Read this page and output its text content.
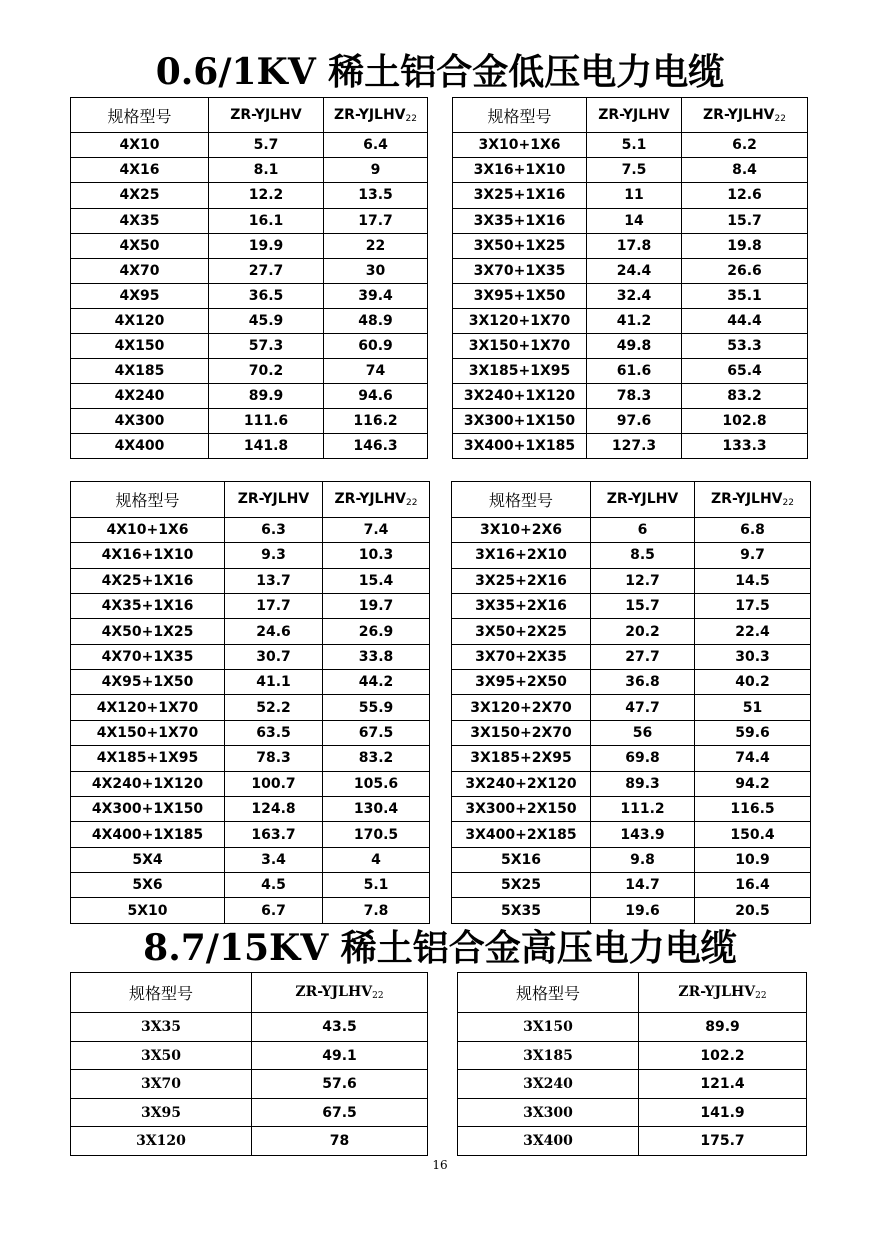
0.6/1KV 稀土铝合金低压电力电缆
规格型号	ZR-YJLHV	$ZR-YJLHV_{22}$
4X10	5.7	6.4
4X16	8.1	9
4X25	12.2	13.5
4X35	16.1	17.7
4X50	19.9	22
4X70	27.7	30
4X95	36.5	39.4
4X120	45.9	48.9
4X150	57.3	60.9
4X185	70.2	74
4X240	89.9	94.6
4X300	111.6	116.2
4X400	141.8	146.3
规格型号	ZR-YJLHV	$ZR-YJLHV_{22}$
3X10+1X6	5.1	6.2
3X16+1X10	7.5	8.4
3X25+1X16	11	12.6
3X35+1X16	14	15.7
3X50+1X25	17.8	19.8
3X70+1X35	24.4	26.6
3X95+1X50	32.4	35.1
3X120+1X70	41.2	44.4
3X150+1X70	49.8	53.3
3X185+1X95	61.6	65.4
3X240+1X120	78.3	83.2
3X300+1X150	97.6	102.8
3X400+1X185	127.3	133.3
规格型号	ZR-YJLHV	$ZR-YJLHV_{22}$
4X10+1X6	6.3	7.4
4X16+1X10	9.3	10.3
4X25+1X16	13.7	15.4
4X35+1X16	17.7	19.7
4X50+1X25	24.6	26.9
4X70+1X35	30.7	33.8
4X95+1X50	41.1	44.2
4X120+1X70	52.2	55.9
4X150+1X70	63.5	67.5
4X185+1X95	78.3	83.2
4X240+1X120	100.7	105.6
4X300+1X150	124.8	130.4
4X400+1X185	163.7	170.5
5X4	3.4	4
5X6	4.5	5.1
5X10	6.7	7.8
规格型号	ZR-YJLHV	$ZR-YJLHV_{22}$
3X10+2X6	6	6.8
3X16+2X10	8.5	9.7
3X25+2X16	12.7	14.5
3X35+2X16	15.7	17.5
3X50+2X25	20.2	22.4
3X70+2X35	27.7	30.3
3X95+2X50	36.8	40.2
3X120+2X70	47.7	51
3X150+2X70	56	59.6
3X185+2X95	69.8	74.4
3X240+2X120	89.3	94.2
3X300+2X150	111.2	116.5
3X400+2X185	143.9	150.4
5X16	9.8	10.9
5X25	14.7	16.4
5X35	19.6	20.5
8.7/15KV 稀土铝合金高压电力电缆
规格型号	$ZR-YJLHV_{22}$
3X35	43.5
3X50	49.1
3X70	57.6
3X95	67.5
3X120	78
规格型号	$ZR-YJLHV_{22}$
3X150	89.9
3X185	102.2
3X240	121.4
3X300	141.9
3X400	175.7
16
